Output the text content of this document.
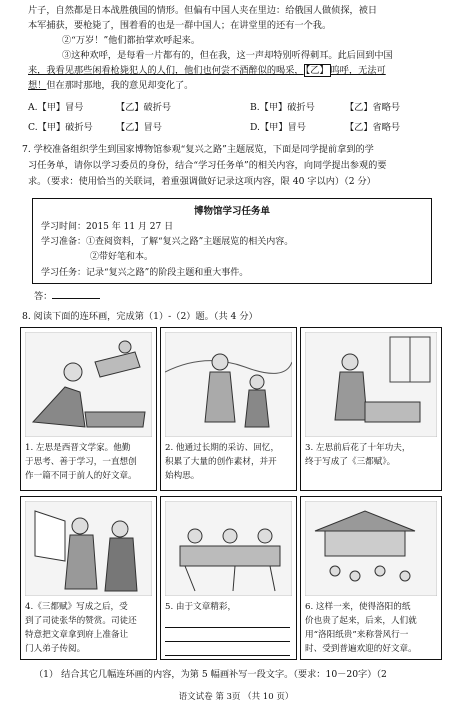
片子，自然都是日本战胜俄国的情形。但偏有中国人夹在里边：给俄国人做侦探，被日
本军捕获，要枪毙了，围着看的也是一群中国人；在讲堂里的还有一个我。
②“万岁！”他们都拍掌欢呼起来。
③这种欢呼，是每看一片都有的，但在我，这一声却特别听得刺耳。此后回到中国
来，我看见那些闲看枪毙犯人的人们，他们也何尝不酒醉似的喝采， 【乙】 呜呼，无法可
想！但在那时那地，我的意见却变化了。
A.【甲】冒号	【乙】破折号	B.【甲】破折号	【乙】省略号
C.【甲】破折号	【乙】冒号	D.【甲】冒号	【乙】省略号
7. 学校准备组织学生到国家博物馆参观“复兴之路”主题展览，下面是同学提前拿到的学
习任务单，请你以学习委员的身份，结合“学习任务单”的相关内容，向同学提出参观的要
求。（要求：使用恰当的关联词，着重强调做好记录这项内容，限 40 字以内）（2 分）
博物馆学习任务单
学习时间：2015 年 11 月 27 日
学习准备：①查阅资料，了解“复兴之路”主题展览的相关内容。
②带好笔和本。
学习任务：记录“复兴之路”的阶段主题和重大事件。
答：
8. 阅读下面的连环画，完成第（1）-（2）题。（共 4 分）
1. 左思是西晋文学家。他勤
于思考、善于学习，一直想创
作一篇不同于前人的好文章。
2. 他通过长期的采访、回忆，
积累了大量的创作素材，并开
始构思。
3. 左思前后花了十年功夫，
终于写成了《三都赋》。
4.《三都赋》写成之后，受
到了司徒张华的赞赏。司徒还
特意把文章拿到府上准备让
门人弟子传阅。
5. 由于文章精彩，	6. 这样一来，使得洛阳的纸
价也贵了起来，后来，人们就
用“洛阳纸贵”来称誉风行一
时、受到普遍欢迎的好文章。
（1） 结合其它几幅连环画的内容，为第 5 幅画补写一段文字。（要求：10－20字）（2
语文试卷 第 3页 （共 10 页）
